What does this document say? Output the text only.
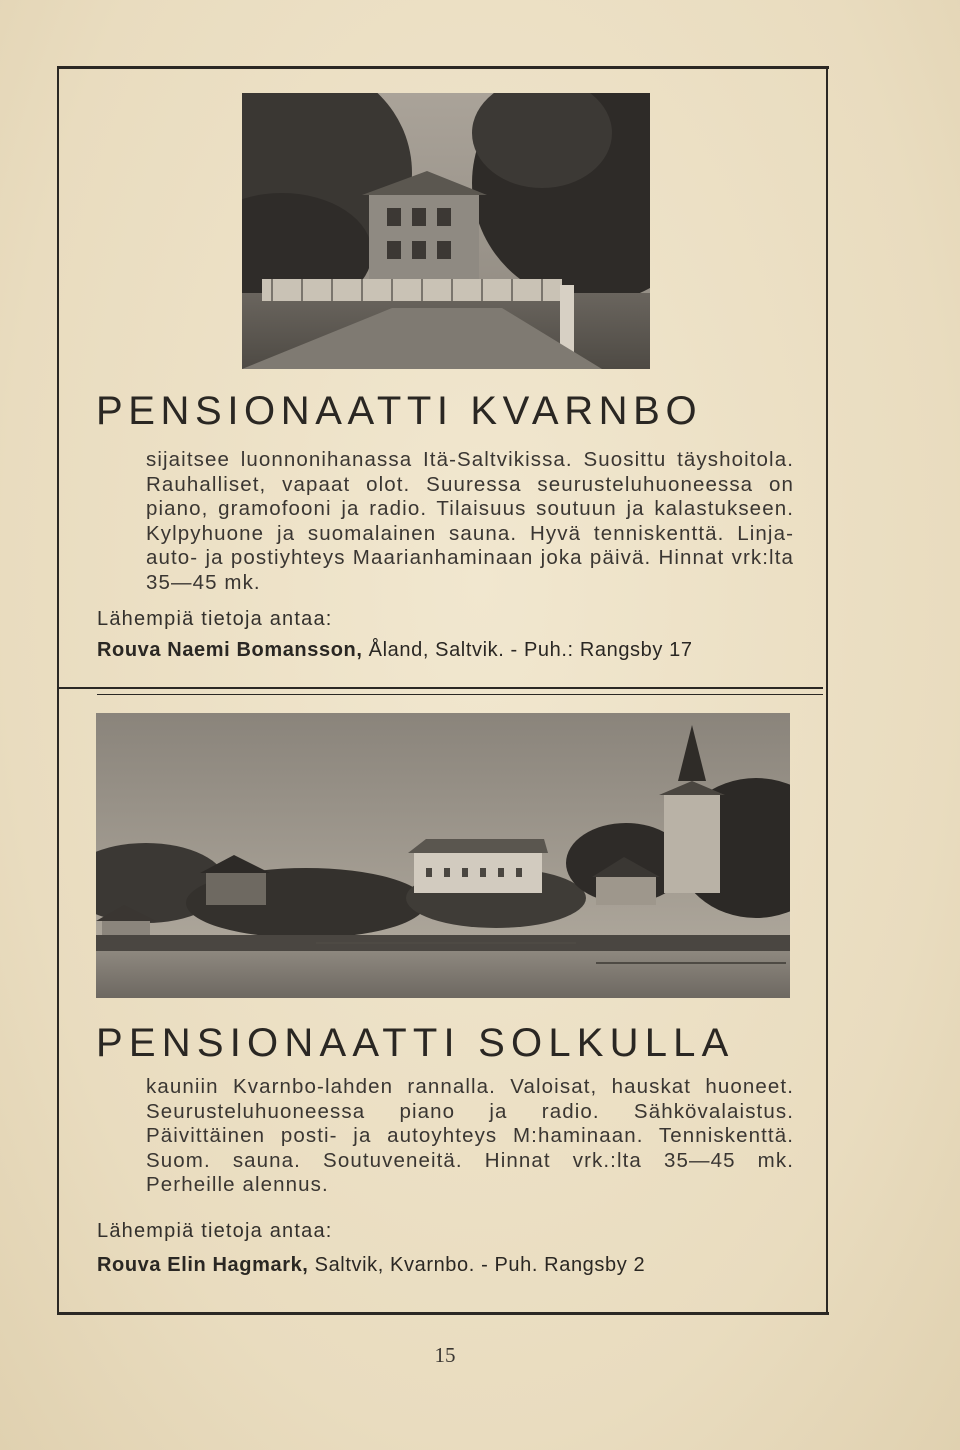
PENSIONAATTI KVARNBO

sijaitsee luonnonihanassa Itä-Saltvikissa. Suosittu täyshoitola. Rauhalliset, vapaat olot. Suuressa seurusteluhuoneessa on piano, gramofooni ja radio. Tilaisuus soutuun ja kalastukseen. Kylpyhuone ja suomalainen sauna. Hyvä tenniskenttä. Linja-auto- ja postiyhteys Maarianhaminaan joka päivä. Hinnat vrk:lta 35—45 mk.

Lähempiä tietoja antaa:

Rouva Naemi Bomansson, Åland, Saltvik. - Puh.: Rangsby 17

PENSIONAATTI SOLKULLA

kauniin Kvarnbo-lahden rannalla. Valoisat, hauskat huoneet. Seurusteluhuoneessa piano ja radio. Sähkövalaistus. Päivittäinen posti- ja autoyhteys M:haminaan. Tenniskenttä. Suom. sauna. Soutuveneitä. Hinnat vrk.:lta 35—45 mk. Perheille alennus.

Lähempiä tietoja antaa:

Rouva Elin Hagmark, Saltvik, Kvarnbo. - Puh. Rangsby 2

15
